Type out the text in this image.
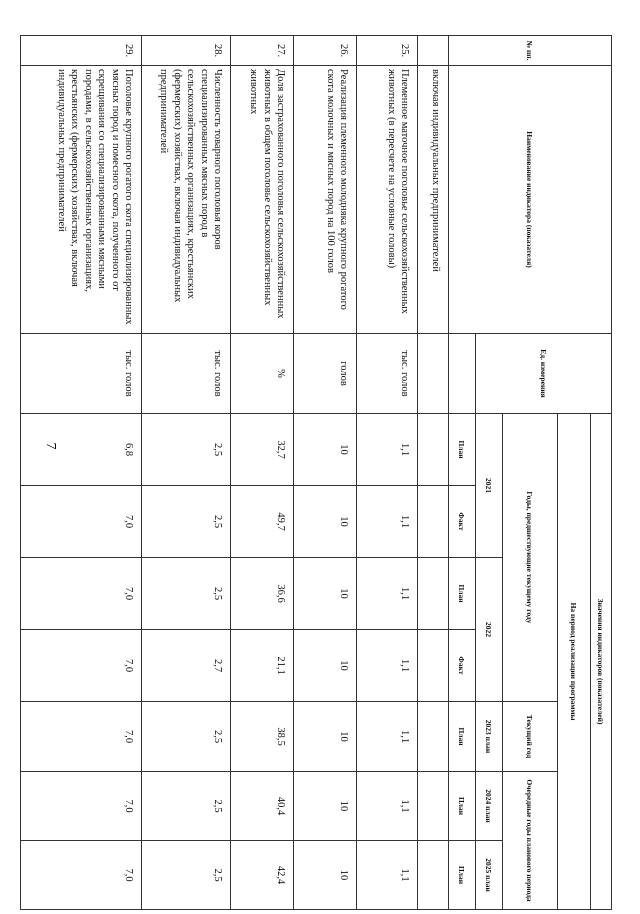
7
№ пп.	Наименование индикатора (показателя)	Ед. измерения	Значения индикаторов (показателей)						
			На период реализации программы						
			Годы, предшествующие текущему году				Текущий год	Очередные годы планового периода	
			2021		2022		2023 план	2024 план	2025 план
			План	Факт	План	Факт	План	План	План
	включая индивидуальных предпринимателей								
25.	Племенное маточное поголовье сельскохозяйственных животных (в пересчете на условные головы)	тыс. голов	1,1	1,1	1,1	1,1	1,1	1,1	1,1
26.	Реализация племенного молодняка крупного рогатого скота молочных и мясных пород на 100 голов	голов	10	10	10	10	10	10	10
27.	Доля застрахованного поголовья сельскохозяйственных животных в общем поголовье сельскохозяйственных животных	%	32,7	49,7	36,6	21,1	38,5	40,4	42,4
28.	Численность товарного поголовья коров специализированных мясных пород в сельскохозяйственных организациях, крестьянских (фермерских) хозяйствах, включая индивидуальных предпринимателей	тыс. голов	2,5	2,5	2,5	2,7	2,5	2,5	2,5
29.	Поголовье крупного рогатого скота специализированных мясных пород и помесного скота, полученного от скрещивания со специализированными мясными породами, в сельскохозяйственных организациях, крестьянских (фермерских) хозяйствах, включая индивидуальных предпринимателей	тыс. голов	6,8	7,0	7,0	7,0	7,0	7,0	7,0
